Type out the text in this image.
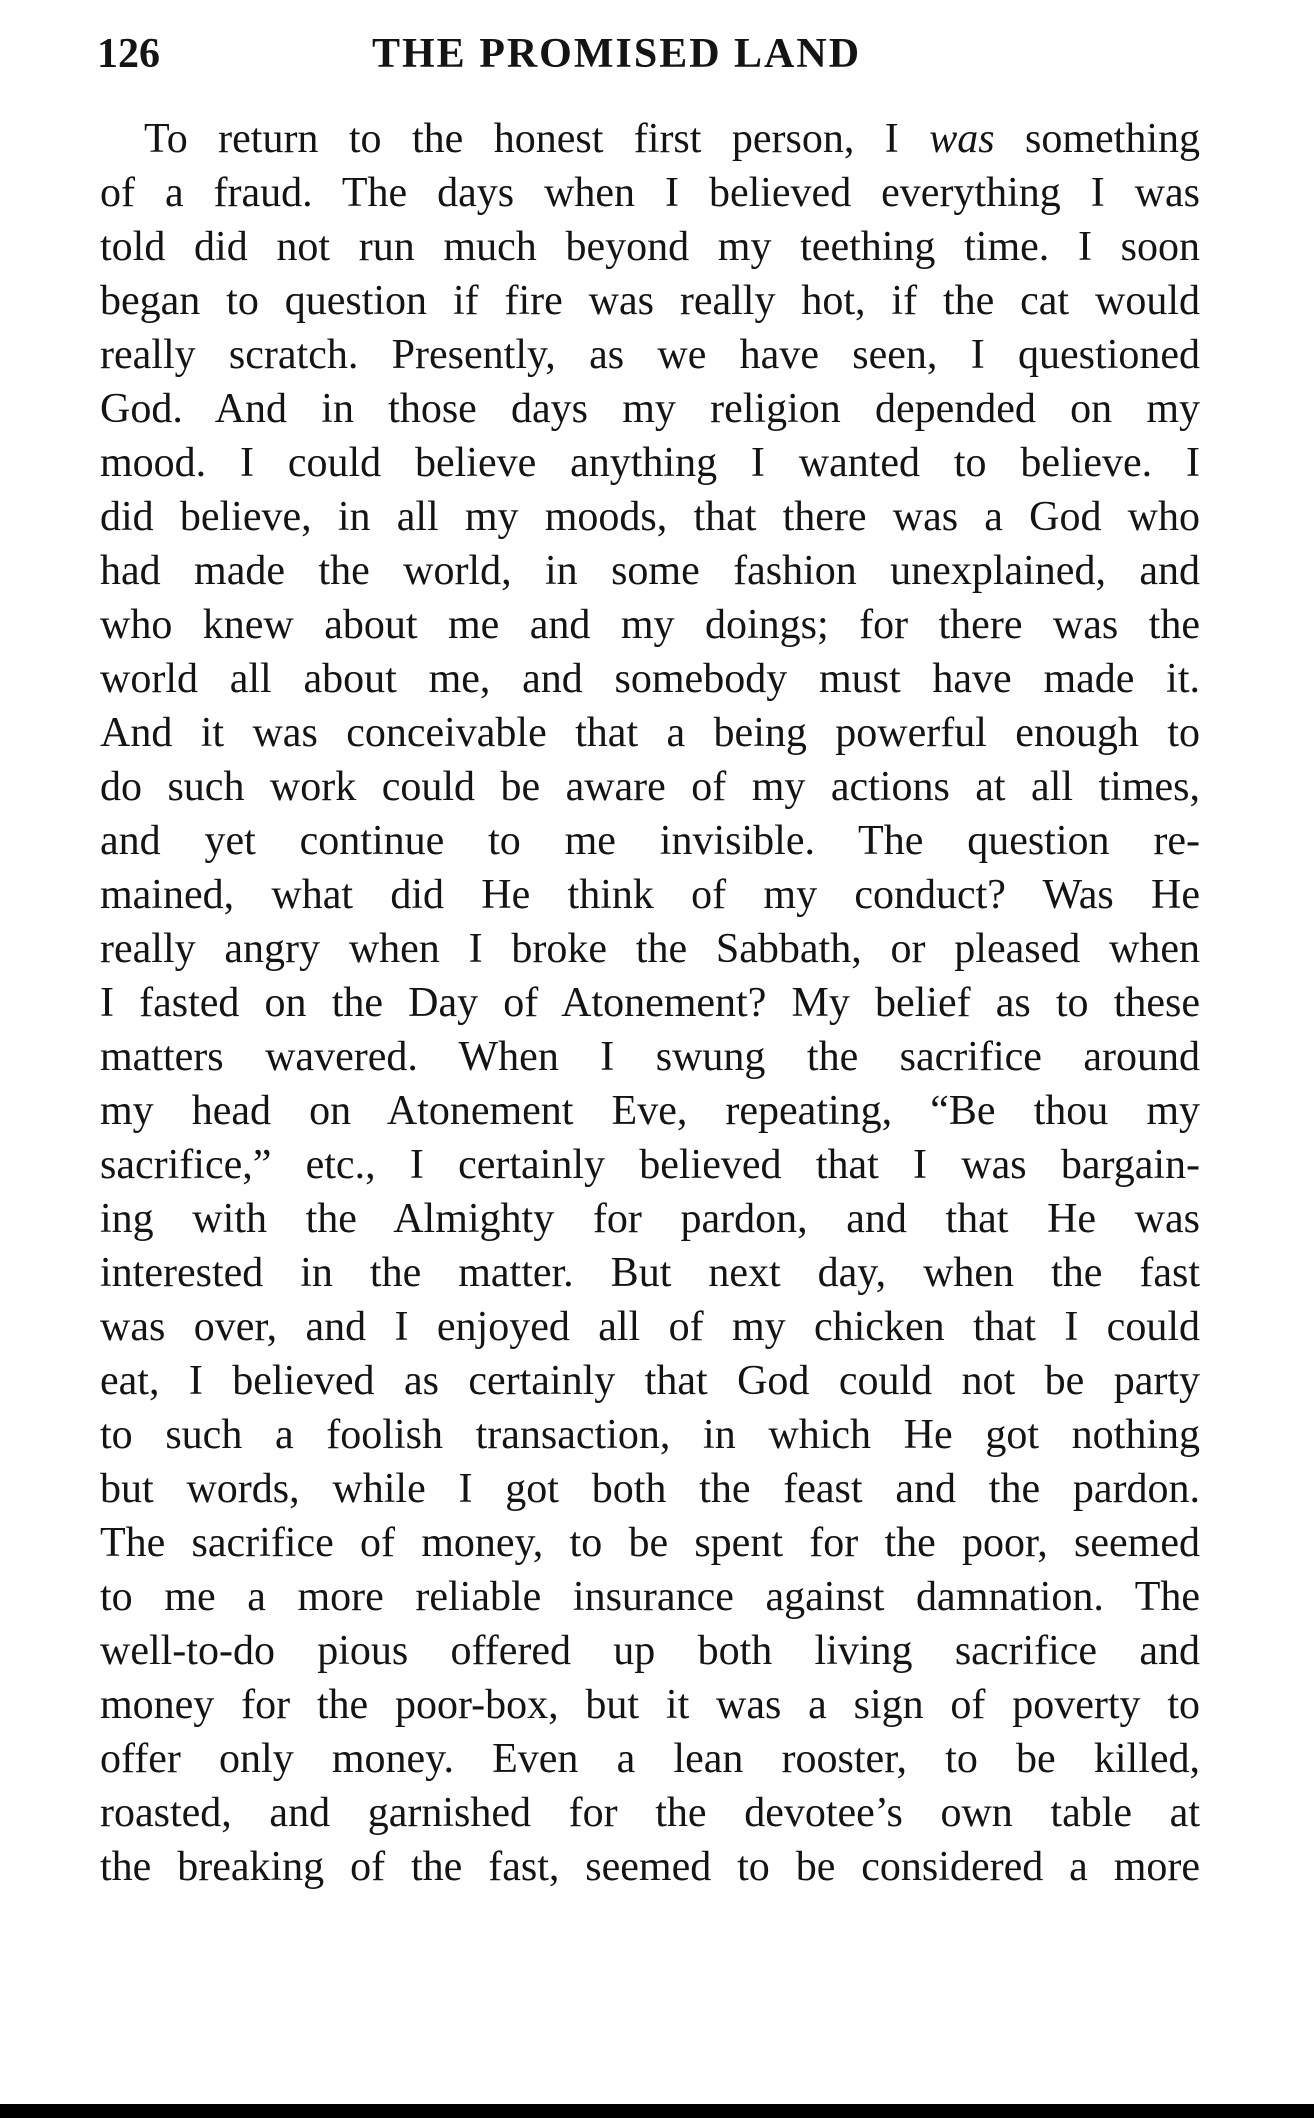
126	THE PROMISED LAND
To return to the honest first person, I was something
of a fraud. The days when I believed everything I was
told did not run much beyond my teething time. I soon
began to question if fire was really hot, if the cat would
really scratch. Presently, as we have seen, I questioned
God. And in those days my religion depended on my
mood. I could believe anything I wanted to believe. I
did believe, in all my moods, that there was a God who
had made the world, in some fashion unexplained, and
who knew about me and my doings; for there was the
world all about me, and somebody must have made it.
And it was conceivable that a being powerful enough to
do such work could be aware of my actions at all times,
and yet continue to me invisible. The question re-
mained, what did He think of my conduct? Was He
really angry when I broke the Sabbath, or pleased when
I fasted on the Day of Atonement? My belief as to these
matters wavered. When I swung the sacrifice around
my head on Atonement Eve, repeating, “Be thou my
sacrifice,” etc., I certainly believed that I was bargain-
ing with the Almighty for pardon, and that He was
interested in the matter. But next day, when the fast
was over, and I enjoyed all of my chicken that I could
eat, I believed as certainly that God could not be party
to such a foolish transaction, in which He got nothing
but words, while I got both the feast and the pardon.
The sacrifice of money, to be spent for the poor, seemed
to me a more reliable insurance against damnation. The
well-to-do pious offered up both living sacrifice and
money for the poor-box, but it was a sign of poverty to
offer only money. Even a lean rooster, to be killed,
roasted, and garnished for the devotee’s own table at
the breaking of the fast, seemed to be considered a more
